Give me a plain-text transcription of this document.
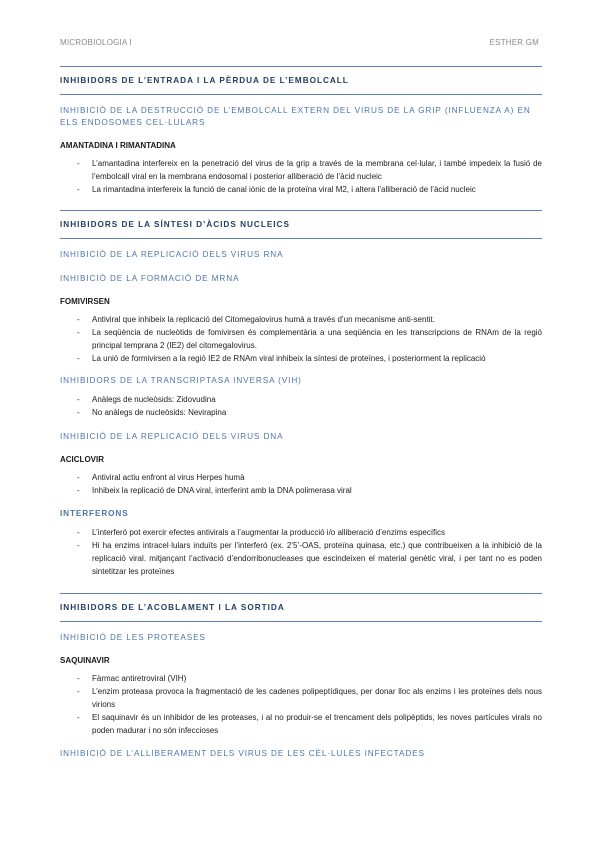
MICROBIOLOGIA I	ESTHER GM
INHIBIDORS DE L’ENTRADA I LA PÈRDUA DE L’EMBOLCALL
INHIBICIÓ DE LA DESTRUCCIÓ DE L’EMBOLCALL EXTERN DEL VIRUS DE LA GRIP (INFLUENZA A) EN ELS ENDOSOMES CEL·LULARS
AMANTADINA I RIMANTADINA
- L’amantadina interfereix en la penetració del virus de la grip a través de la membrana cel·lular, i també impedeix la fusió de l’embolcall viral en la membrana endosomal i posterior alliberació de l’àcid nucleic
- La rimantadina interfereix la funció de canal iònic de la proteïna viral M2, i altera l’alliberació de l’àcid nucleic
INHIBIDORS DE LA SÍNTESI D’ÀCIDS NUCLEICS
INHIBICIÓ DE LA REPLICACIÓ DELS VIRUS RNA
INHIBICIÓ DE LA FORMACIÓ DE MRNA
FOMIVIRSEN
- Antiviral que inhibeix la replicació del Citomegalovirus humà a través d’un mecanisme anti-sentit.
- La seqüència de nucleòtids de fomivirsen és complementària a una seqüència en les transcripcions de RNAm de la regió principal temprana 2 (IE2) del citomegalovirus.
- La unió de formivirsen a la regió IE2 de RNAm viral inhibeix la síntesi de proteïnes, i posteriorment la replicació
INHIBIDORS DE LA TRANSCRIPTASA INVERSA (VIH)
- Anàlegs de nucleòsids: Zidovudina
- No anàlegs de nucleòsids: Nevirapina
INHIBICIÓ DE LA REPLICACIÓ DELS VIRUS DNA
ACICLOVIR
- Antiviral actiu enfront al virus Herpes humà
- Inhibeix la replicació de DNA viral, interferint amb la DNA polimerasa viral
INTERFERONS
- L’interferó pot exercir efectes antivirals a l’augmentar la producció i/o alliberació d’enzims específics
- Hi ha enzims intracel·lulars induïts per l’interferó (ex. 2’5’-OAS, proteïna quinasa, etc.) que contribueixen a la inhibició de la replicació viral. mitjançant l’activació d’endorribonucleases que escindeixen el material genètic viral, i per tant no es poden sintetitzar les proteïnes
INHIBIDORS DE L’ACOBLAMENT I LA SORTIDA
INHIBICIÓ DE LES PROTEASES
SAQUINAVIR
- Fàrmac antiretroviral (VIH)
- L’enzim proteasa provoca la fragmentació de les cadenes polipeptídiques, per donar lloc als enzims i les proteïnes dels nous virions
- El saquinavir és un inhibidor de les proteases, i al no produir-se el trencament dels polipèptids, les noves partícules virals no poden madurar i no són infeccioses
INHIBICIÓ DE L’ALLIBERAMENT DELS VIRUS DE LES CÈL·LULES INFECTADES
